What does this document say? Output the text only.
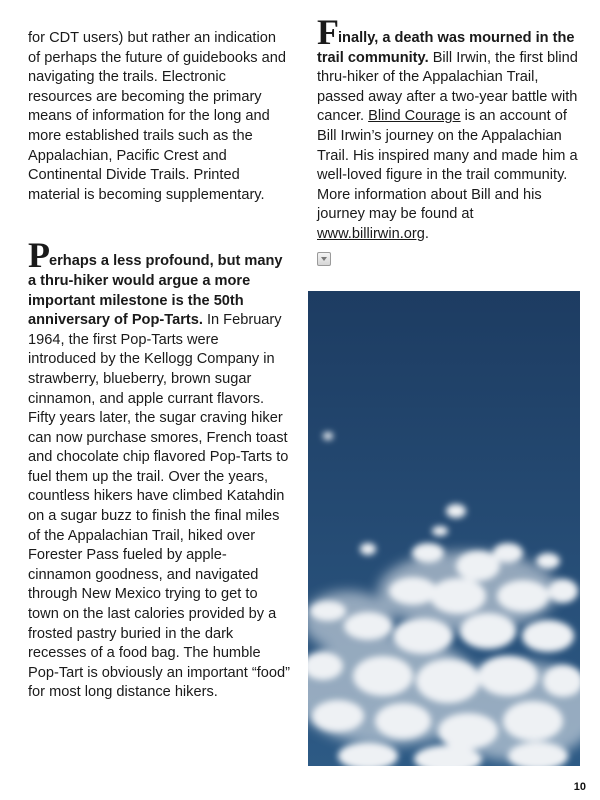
for CDT users) but rather an indication of perhaps the future of guidebooks and navigating the trails. Electronic resources are becoming the primary means of information for the long and more established trails such as the Appalachian, Pacific Crest and Continental Divide Trails. Printed material is becoming supplementary.

Perhaps a less profound, but many a thru-hiker would argue a more important milestone is the 50th anniversary of Pop-Tarts. In February 1964, the first Pop-Tarts were introduced by the Kellogg Company in strawberry, blueberry, brown sugar cinnamon, and apple currant flavors. Fifty years later, the sugar craving hiker can now purchase smores, French toast and chocolate chip flavored Pop-Tarts to fuel them up the trail. Over the years, countless hikers have climbed Katahdin on a sugar buzz to finish the final miles of the Appalachian Trail, hiked over Forester Pass fueled by apple-cinnamon goodness, and navigated through New Mexico trying to get to town on the last calories provided by a frosted pastry buried in the dark recesses of a food bag. The humble Pop-Tart is obviously an important “food” for most long distance hikers.

Finally, a death was mourned in the trail community. Bill Irwin, the first blind thru-hiker of the Appalachian Trail, passed away after a two-year battle with cancer. Blind Courage is an account of Bill Irwin’s journey on the Appalachian Trail. His inspired many and made him a well-loved figure in the trail community. More information about Bill and his journey may be found at www.billirwin.org.

10
